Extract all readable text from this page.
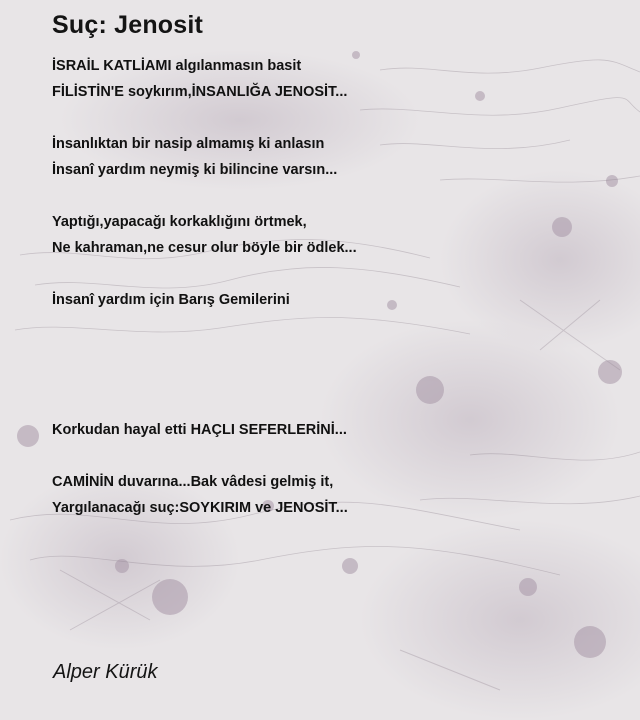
Suç: Jenosit
İSRAİL KATLİAMI algılanmasın basit
FİLİSTİN'E soykırım,İNSANLIĞA JENOSİT...
İnsanlıktan bir nasip almamış ki anlasın
İnsanî yardım neymiş ki bilincine varsın...
Yaptığı,yapacağı korkaklığını örtmek,
Ne kahraman,ne cesur olur böyle bir ödlek...
İnsanî yardım için Barış Gemilerini
Korkudan hayal etti HAÇLI SEFERLERİNİ...
CAMİNİN duvarına...Bak vâdesi gelmiş it,
Yargılanacağı suç:SOYKIRIM ve JENOSİT...
Alper Kürük
